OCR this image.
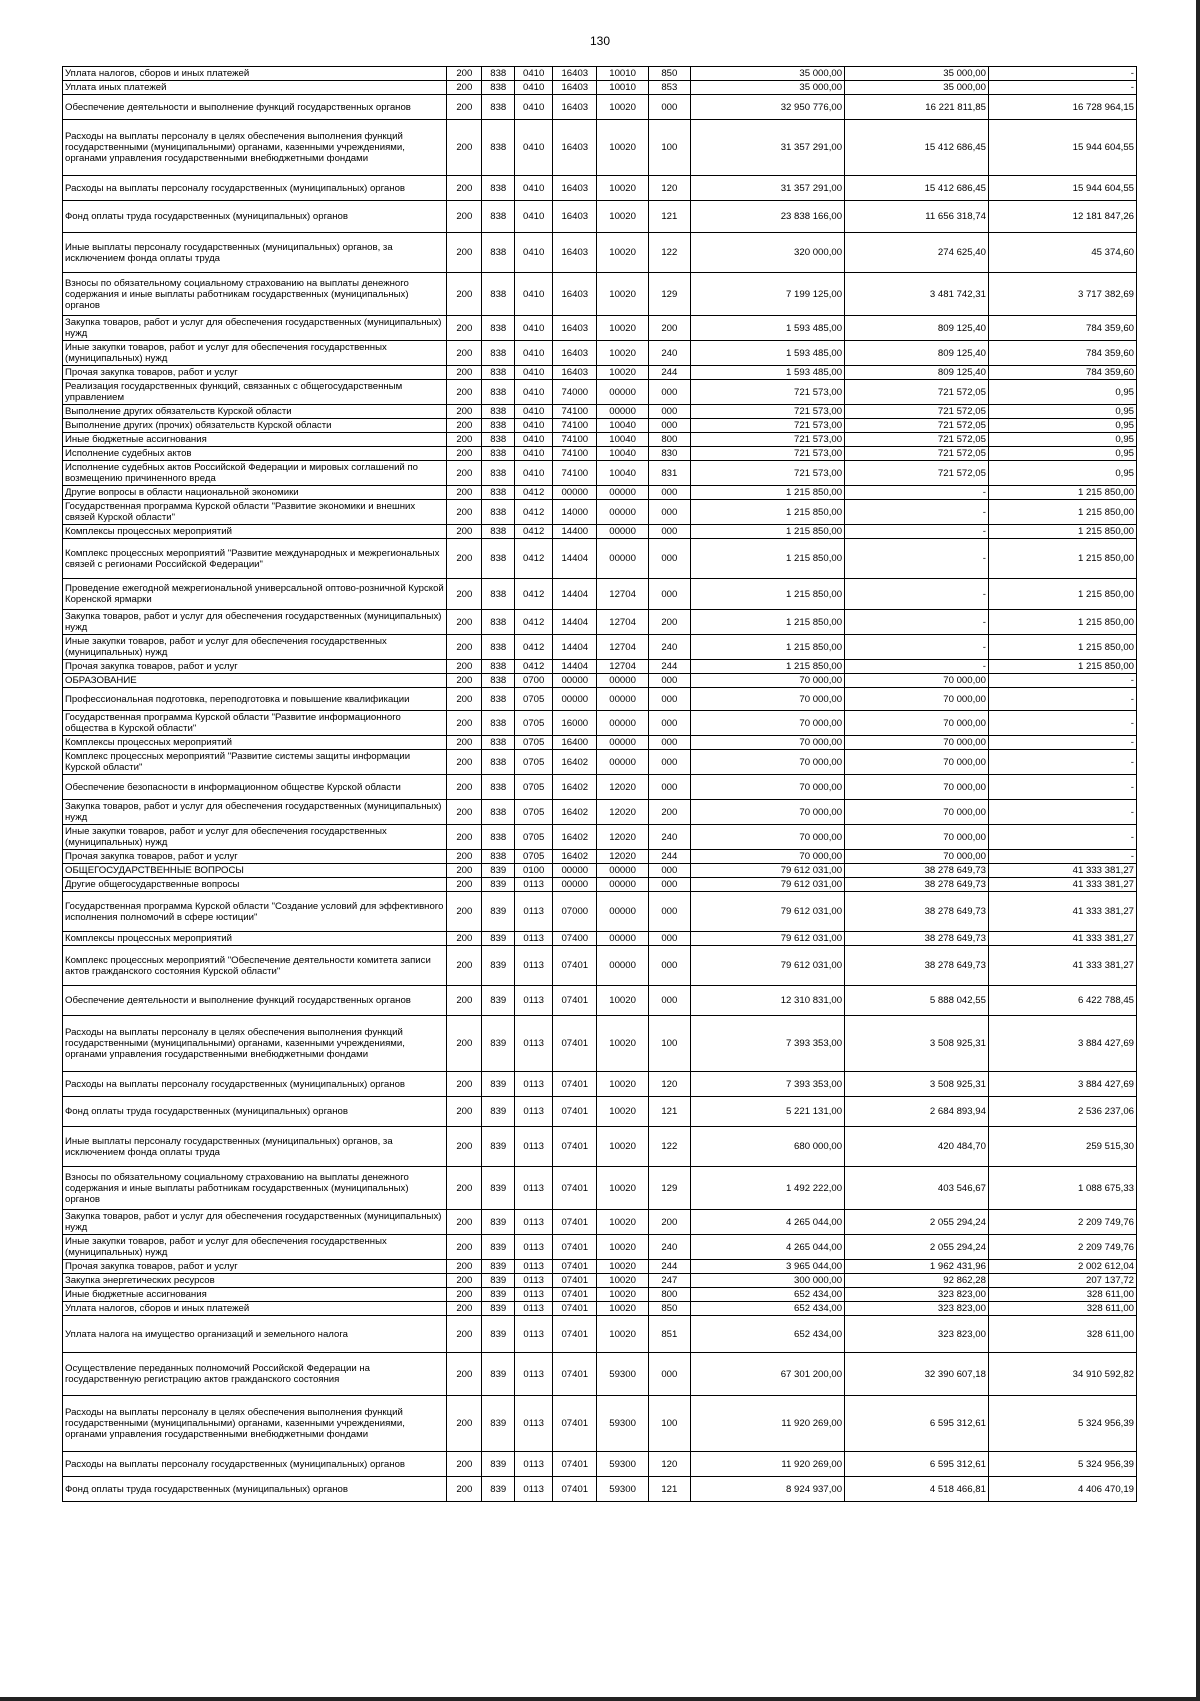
130
Уплата налогов, сборов и иных платежей	200	838	0410	16403	10010	850	35 000,00	35 000,00	-
Уплата иных платежей	200	838	0410	16403	10010	853	35 000,00	35 000,00	-
Обеспечение деятельности и выполнение функций государственных органов	200	838	0410	16403	10020	000	32 950 776,00	16 221 811,85	16 728 964,15
Расходы на выплаты персоналу в целях обеспечения выполнения функций государственными (муниципальными) органами, казенными учреждениями, органами управления государственными внебюджетными фондами	200	838	0410	16403	10020	100	31 357 291,00	15 412 686,45	15 944 604,55
Расходы на выплаты персоналу государственных (муниципальных) органов	200	838	0410	16403	10020	120	31 357 291,00	15 412 686,45	15 944 604,55
Фонд оплаты труда государственных (муниципальных) органов	200	838	0410	16403	10020	121	23 838 166,00	11 656 318,74	12 181 847,26
Иные выплаты персоналу государственных (муниципальных) органов, за исключением фонда оплаты труда	200	838	0410	16403	10020	122	320 000,00	274 625,40	45 374,60
Взносы по обязательному социальному страхованию на выплаты денежного содержания и иные выплаты работникам государственных (муниципальных) органов	200	838	0410	16403	10020	129	7 199 125,00	3 481 742,31	3 717 382,69
Закупка товаров, работ и услуг для обеспечения государственных (муниципальных) нужд	200	838	0410	16403	10020	200	1 593 485,00	809 125,40	784 359,60
Иные закупки товаров, работ и услуг для обеспечения государственных (муниципальных) нужд	200	838	0410	16403	10020	240	1 593 485,00	809 125,40	784 359,60
Прочая закупка товаров, работ и услуг	200	838	0410	16403	10020	244	1 593 485,00	809 125,40	784 359,60
Реализация государственных функций, связанных с общегосударственным управлением	200	838	0410	74000	00000	000	721 573,00	721 572,05	0,95
Выполнение других обязательств Курской области	200	838	0410	74100	00000	000	721 573,00	721 572,05	0,95
Выполнение других (прочих) обязательств Курской области	200	838	0410	74100	10040	000	721 573,00	721 572,05	0,95
Иные бюджетные ассигнования	200	838	0410	74100	10040	800	721 573,00	721 572,05	0,95
Исполнение судебных актов	200	838	0410	74100	10040	830	721 573,00	721 572,05	0,95
Исполнение судебных актов Российской Федерации и мировых соглашений по возмещению причиненного вреда	200	838	0410	74100	10040	831	721 573,00	721 572,05	0,95
Другие вопросы в области национальной экономики	200	838	0412	00000	00000	000	1 215 850,00	-	1 215 850,00
Государственная программа Курской области "Развитие экономики и внешних связей Курской области"	200	838	0412	14000	00000	000	1 215 850,00	-	1 215 850,00
Комплексы процессных мероприятий	200	838	0412	14400	00000	000	1 215 850,00	-	1 215 850,00
Комплекс процессных мероприятий "Развитие международных и межрегиональных связей с регионами Российской Федерации"	200	838	0412	14404	00000	000	1 215 850,00	-	1 215 850,00
Проведение ежегодной межрегиональной универсальной оптово-розничной Курской Коренской ярмарки	200	838	0412	14404	12704	000	1 215 850,00	-	1 215 850,00
Закупка товаров, работ и услуг для обеспечения государственных (муниципальных) нужд	200	838	0412	14404	12704	200	1 215 850,00	-	1 215 850,00
Иные закупки товаров, работ и услуг для обеспечения государственных (муниципальных) нужд	200	838	0412	14404	12704	240	1 215 850,00	-	1 215 850,00
Прочая закупка товаров, работ и услуг	200	838	0412	14404	12704	244	1 215 850,00	-	1 215 850,00
ОБРАЗОВАНИЕ	200	838	0700	00000	00000	000	70 000,00	70 000,00	-
Профессиональная подготовка, переподготовка и повышение квалификации	200	838	0705	00000	00000	000	70 000,00	70 000,00	-
Государственная программа Курской области "Развитие информационного общества в Курской области"	200	838	0705	16000	00000	000	70 000,00	70 000,00	-
Комплексы процессных мероприятий	200	838	0705	16400	00000	000	70 000,00	70 000,00	-
Комплекс процессных мероприятий "Развитие системы защиты информации Курской области"	200	838	0705	16402	00000	000	70 000,00	70 000,00	-
Обеспечение безопасности в информационном обществе Курской области	200	838	0705	16402	12020	000	70 000,00	70 000,00	-
Закупка товаров, работ и услуг для обеспечения государственных (муниципальных) нужд	200	838	0705	16402	12020	200	70 000,00	70 000,00	-
Иные закупки товаров, работ и услуг для обеспечения государственных (муниципальных) нужд	200	838	0705	16402	12020	240	70 000,00	70 000,00	-
Прочая закупка товаров, работ и услуг	200	838	0705	16402	12020	244	70 000,00	70 000,00	-
ОБЩЕГОСУДАРСТВЕННЫЕ ВОПРОСЫ	200	839	0100	00000	00000	000	79 612 031,00	38 278 649,73	41 333 381,27
Другие общегосударственные вопросы	200	839	0113	00000	00000	000	79 612 031,00	38 278 649,73	41 333 381,27
Государственная программа Курской области "Создание условий для эффективного исполнения полномочий в сфере юстиции"	200	839	0113	07000	00000	000	79 612 031,00	38 278 649,73	41 333 381,27
Комплексы процессных мероприятий	200	839	0113	07400	00000	000	79 612 031,00	38 278 649,73	41 333 381,27
Комплекс процессных мероприятий "Обеспечение деятельности комитета записи актов гражданского состояния Курской области"	200	839	0113	07401	00000	000	79 612 031,00	38 278 649,73	41 333 381,27
Обеспечение деятельности и выполнение функций государственных органов	200	839	0113	07401	10020	000	12 310 831,00	5 888 042,55	6 422 788,45
Расходы на выплаты персоналу в целях обеспечения выполнения функций государственными (муниципальными) органами, казенными учреждениями, органами управления государственными внебюджетными фондами	200	839	0113	07401	10020	100	7 393 353,00	3 508 925,31	3 884 427,69
Расходы на выплаты персоналу государственных (муниципальных) органов	200	839	0113	07401	10020	120	7 393 353,00	3 508 925,31	3 884 427,69
Фонд оплаты труда государственных (муниципальных) органов	200	839	0113	07401	10020	121	5 221 131,00	2 684 893,94	2 536 237,06
Иные выплаты персоналу государственных (муниципальных) органов, за исключением фонда оплаты труда	200	839	0113	07401	10020	122	680 000,00	420 484,70	259 515,30
Взносы по обязательному социальному страхованию на выплаты денежного содержания и иные выплаты работникам государственных (муниципальных) органов	200	839	0113	07401	10020	129	1 492 222,00	403 546,67	1 088 675,33
Закупка товаров, работ и услуг для обеспечения государственных (муниципальных) нужд	200	839	0113	07401	10020	200	4 265 044,00	2 055 294,24	2 209 749,76
Иные закупки товаров, работ и услуг для обеспечения государственных (муниципальных) нужд	200	839	0113	07401	10020	240	4 265 044,00	2 055 294,24	2 209 749,76
Прочая закупка товаров, работ и услуг	200	839	0113	07401	10020	244	3 965 044,00	1 962 431,96	2 002 612,04
Закупка энергетических ресурсов	200	839	0113	07401	10020	247	300 000,00	92 862,28	207 137,72
Иные бюджетные ассигнования	200	839	0113	07401	10020	800	652 434,00	323 823,00	328 611,00
Уплата налогов, сборов и иных платежей	200	839	0113	07401	10020	850	652 434,00	323 823,00	328 611,00
Уплата налога на имущество организаций и земельного налога	200	839	0113	07401	10020	851	652 434,00	323 823,00	328 611,00
Осуществление переданных полномочий Российской Федерации на государственную регистрацию актов гражданского состояния	200	839	0113	07401	59300	000	67 301 200,00	32 390 607,18	34 910 592,82
Расходы на выплаты персоналу в целях обеспечения выполнения функций государственными (муниципальными) органами, казенными учреждениями, органами управления государственными внебюджетными фондами	200	839	0113	07401	59300	100	11 920 269,00	6 595 312,61	5 324 956,39
Расходы на выплаты персоналу государственных (муниципальных) органов	200	839	0113	07401	59300	120	11 920 269,00	6 595 312,61	5 324 956,39
Фонд оплаты труда государственных (муниципальных) органов	200	839	0113	07401	59300	121	8 924 937,00	4 518 466,81	4 406 470,19
